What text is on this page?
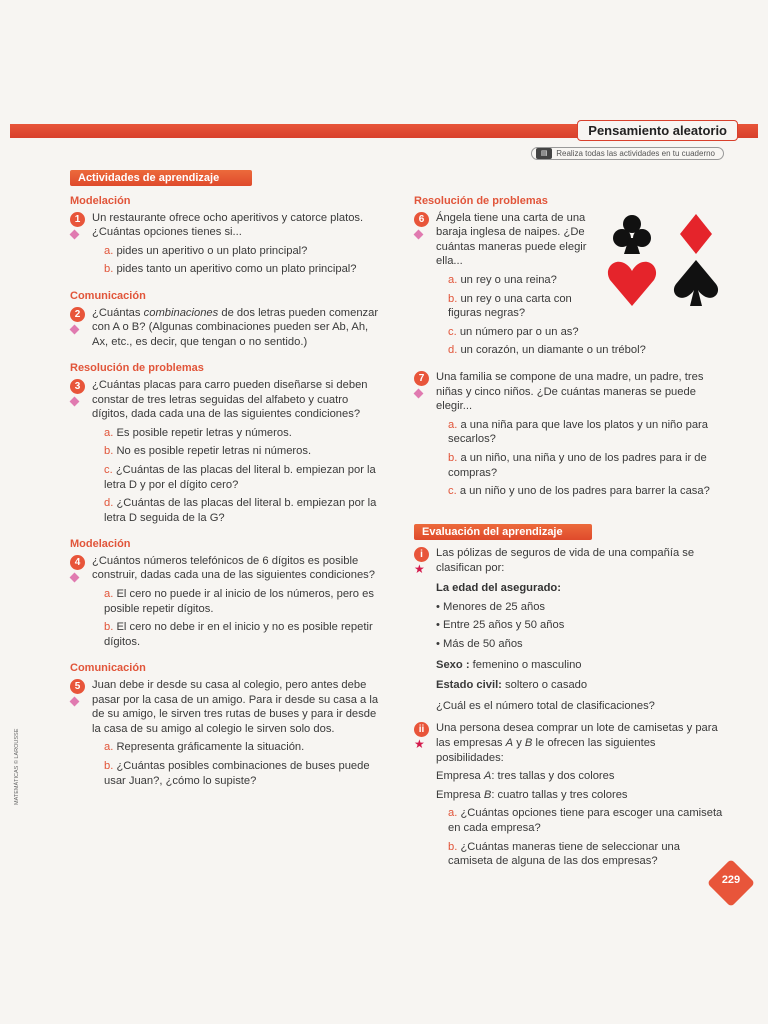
Pensamiento aleatorio
▤	Realiza todas las actividades en tu cuaderno
Actividades de aprendizaje
Modelación
1	Un restaurante ofrece ocho aperitivos y catorce platos. ¿Cuántas opciones tienes si...
a. pides un aperitivo o un plato principal?
b. pides tanto un aperitivo como un plato principal?
Comunicación
2	¿Cuántas combinaciones de dos letras pueden comenzar con A o B? (Algunas combinaciones pueden ser Ab, Ah, Ax, etc., es decir, que tengan o no sentido.)
Resolución de problemas
3	¿Cuántas placas para carro pueden diseñarse si deben constar de tres letras seguidas del alfabeto y cuatro dígitos, dada cada una de las siguientes condiciones?
a. Es posible repetir letras y números.
b. No es posible repetir letras ni números.
c. ¿Cuántas de las placas del literal b. empiezan por la letra D y por el dígito cero?
d. ¿Cuántas de las placas del literal b. empiezan por la letra D seguida de la G?
Modelación
4	¿Cuántos números telefónicos de 6 dígitos es posible construir, dadas cada una de las siguientes condiciones?
a. El cero no puede ir al inicio de los números, pero es posible repetir dígitos.
b. El cero no debe ir en el inicio y no es posible repetir dígitos.
Comunicación
5	Juan debe ir desde su casa al colegio, pero antes debe pasar por la casa de un amigo. Para ir desde su casa a la de su amigo, le sirven tres rutas de buses y para ir desde la casa de su amigo al colegio le sirven solo dos.
a. Representa gráficamente la situación.
b. ¿Cuántas posibles combinaciones de buses puede usar Juan?, ¿cómo lo supiste?
Resolución de problemas
6	Ángela tiene una carta de una baraja inglesa de naipes. ¿De cuántas maneras puede elegir ella...
a. un rey o una reina?
b. un rey o una carta con figuras negras?
c. un número par o un as?
d. un corazón, un diamante o un trébol?
7	Una familia se compone de una madre, un padre, tres niñas y cinco niños. ¿De cuántas maneras se puede elegir...
a. a una niña para que lave los platos y un niño para secarlos?
b. a un niño, una niña y uno de los padres para ir de compras?
c. a un niño y uno de los padres para barrer la casa?
Evaluación del aprendizaje
i
★
Las pólizas de seguros de vida de una compañía se clasifican por:
La edad del asegurado:
• Menores de 25 años
• Entre 25 años y 50 años
• Más de 50 años
Sexo : femenino o masculino
Estado civil: soltero o casado
¿Cuál es el número total de clasificaciones?
ii
★
Una persona desea comprar un lote de camisetas y para las empresas A y B le ofrecen las siguientes posibilidades:
Empresa A: tres tallas y dos colores
Empresa B: cuatro tallas y tres colores
a. ¿Cuántas opciones tiene para escoger una camiseta en cada empresa?
b. ¿Cuántas maneras tiene de seleccionar una camiseta de alguna de las dos empresas?
229
MATEMÁTICAS © LAROUSSE
